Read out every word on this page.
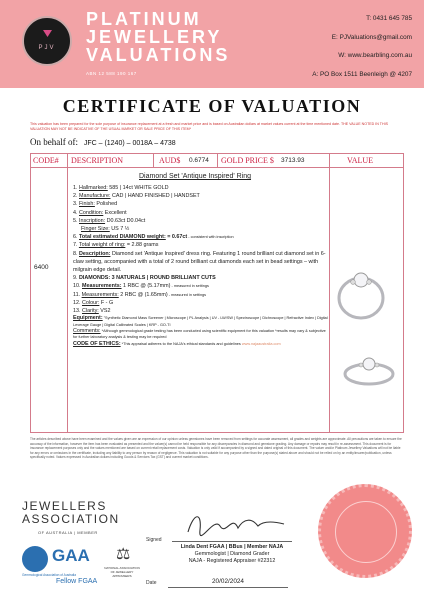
PJV
PLATINUM
JEWELLERY
VALUATIONS
ABN 12 588 190 167
T: 0431 645 785
E: PJValuations@gmail.com
W: www.bearbling.com.au
A: PO Box 1511 Beenleigh @ 4207
CERTIFICATE OF VALUATION
This valuation has been prepared for the sole purpose of insurance replacement at a fresh and market price and is based on Australian dollars at market values current at the time mentioned date. THE VALUE NOTED IN THIS VALUATION MAY NOT BE INDICATIVE OF THE USUAL MARKET OR SALE PRICE OF THIS ITEM*
On behalf of: JFC – (1240) – 0018A – 4738
CODE# DESCRIPTION	AUD$ 0.6774 GOLD PRICE $ 3713.93	VALUE
6400
Diamond Set 'Antique Inspired' Ring
1. Hallmarked: 585 | 14ct WHITE GOLD
2. Manufacture: CAD | HAND FINISHED | HANDSET
3. Finish: Polished
4. Condition: Excellent
5. Inscription: D0.63ct D0.04ct
Finger Size: US 7 ½
6. Total estimated DIAMOND weight: = 0.67ct - consistent with inscription
7. Total weight of ring: = 2.88 grams
8. Description: Diamond set 'Antique Inspired' dress ring. Featuring 1 round brilliant cut diamond set in 6-claw setting, accompanied with a total of 2 round brilliant cut diamonds each set in bead settings – with milgrain edge detail.
9. DIAMONDS: 3 NATURALS | ROUND BRILLIANT CUTS
10. Measurements: 1 RBC @ (5.17mm) - measured in settings
11. Measurements: 2 RBC @ (1.65mm) - measured in settings
12. Colour: F - G
13. Clarity: VS2
Equipment: "Synthetic Diamond Mass Screener | Microscope | PL Analysis | UV - LW/SW | Spectroscope | Dichroscope | Refractive Index | Digital Leverage Gauge | Digital Calibrated Scales | KRP - GO-TI
Comments: *Although gemmological grade testing has been conducted using scientific equipment for this valuation *results may vary & subjective for further laboratory analysis & testing may be required
CODE OF ETHICS: *This appraisal adheres to the NAJA's ethical standards and guidelines www.najaaustralia.com
The articles described above have been examined and the values given are an expression of our opinion unless gemstones have been removed from settings for accurate assessment, all grades and weights are approximate. All precautions are taken to ensure the accuracy of the information, however the item has been evaluated as presented and the valuer(s) cannot be held responsible for any discrepancies in diamond and gemstone grading. Any damage or repairs may result in re-assessment. This document is for insurance replacement purposes only and the values mentioned are based on current retail replacement costs. Valuation is only valid if accompanied by a signed and dated original of this document. The valuer and/or Platinum Jewellery Valuations will not be liable for any errors or omissions in the certificate, including any liability to any person by reason of negligence. This valuation is not suitable for any purpose other than the purpose(s) stated above and should not be relied on by an entity/insurer/publication, unless specifically noted. Values expressed in Australian dollars including Goods & Services Tax (GST) and current market conditions.
JEWELLERS
ASSOCIATION
OF AUSTRALIA | MEMBER
GAA
Gemmological Association of Australia
Fellow FGAA
⚖
NATIONAL ASSOCIATION OF JEWELLERY APPRAISERS
Signed
Linda Dent FGAA | BBus | Member NAJA
Gemmologist | Diamond Grader
NAJA - Registered Appraiser #22312
Date	20/02/2024
